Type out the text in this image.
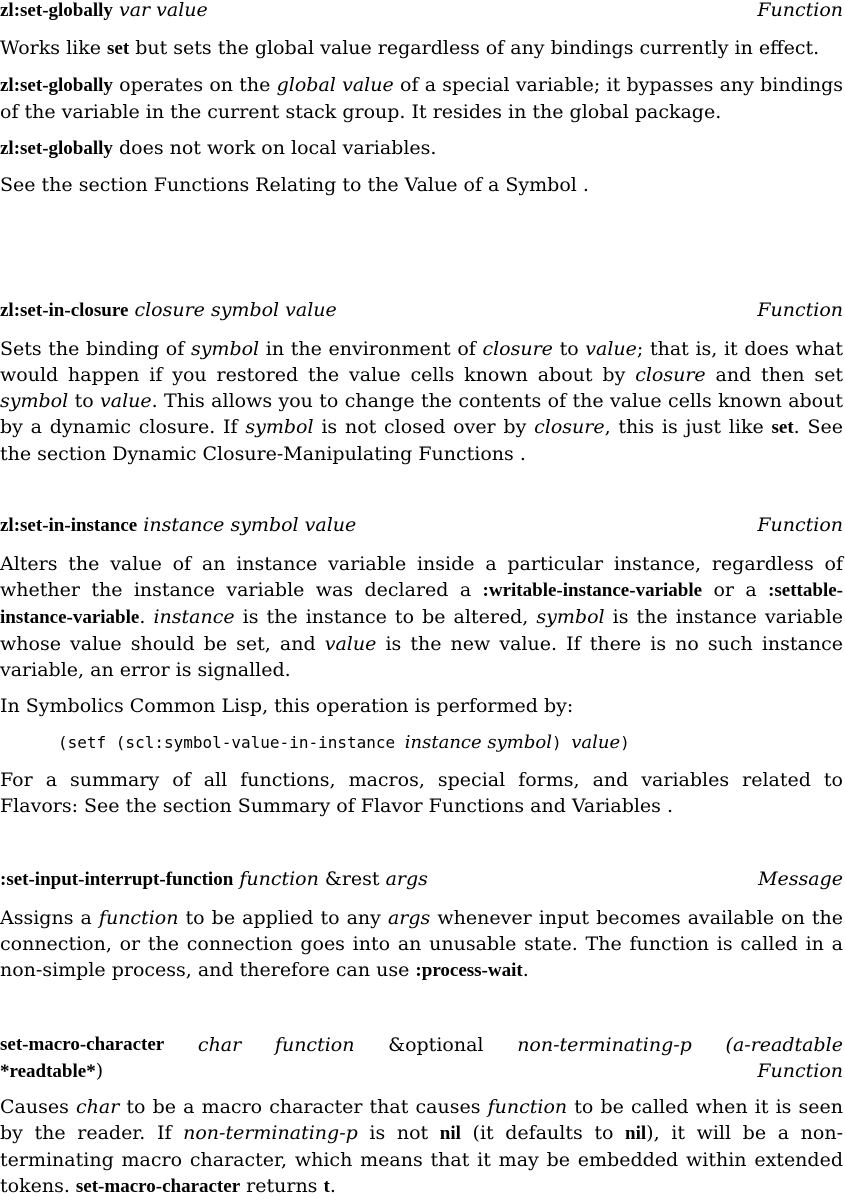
zl:set-globally var value	Function

Works like set but sets the global value regardless of any bindings currently in effect.

zl:set-globally operates on the global value of a special variable; it bypasses any bindings of the variable in the current stack group. It resides in the global package.

zl:set-globally does not work on local variables.

See the section Functions Relating to the Value of a Symbol .

zl:set-in-closure closure symbol value	Function

Sets the binding of symbol in the environment of closure to value; that is, it does what would happen if you restored the value cells known about by closure and then set symbol to value. This allows you to change the contents of the value cells known about by a dynamic closure. If symbol is not closed over by closure, this is just like set. See the section Dynamic Closure-Manipulating Functions .

zl:set-in-instance instance symbol value	Function

Alters the value of an instance variable inside a particular instance, regardless of whether the instance variable was declared a :writable-instance-variable or a :settable-instance-variable. instance is the instance to be altered, symbol is the instance variable whose value should be set, and value is the new value. If there is no such instance variable, an error is signalled.

In Symbolics Common Lisp, this operation is performed by:

(setf (scl:symbol-value-in-instance instance symbol) value)

For a summary of all functions, macros, special forms, and variables related to Flavors: See the section Summary of Flavor Functions and Variables .

:set-input-interrupt-function function &rest args	Message

Assigns a function to be applied to any args whenever input becomes available on the connection, or the connection goes into an unusable state. The function is called in a non-simple process, and therefore can use :process-wait.

set-macro-character char function &optional non-terminating-p (a-readtable
*readtable*)	Function

Causes char to be a macro character that causes function to be called when it is seen by the reader. If non-terminating-p is not nil (it defaults to nil), it will be a non-terminating macro character, which means that it may be embedded within extended tokens. set-macro-character returns t.
